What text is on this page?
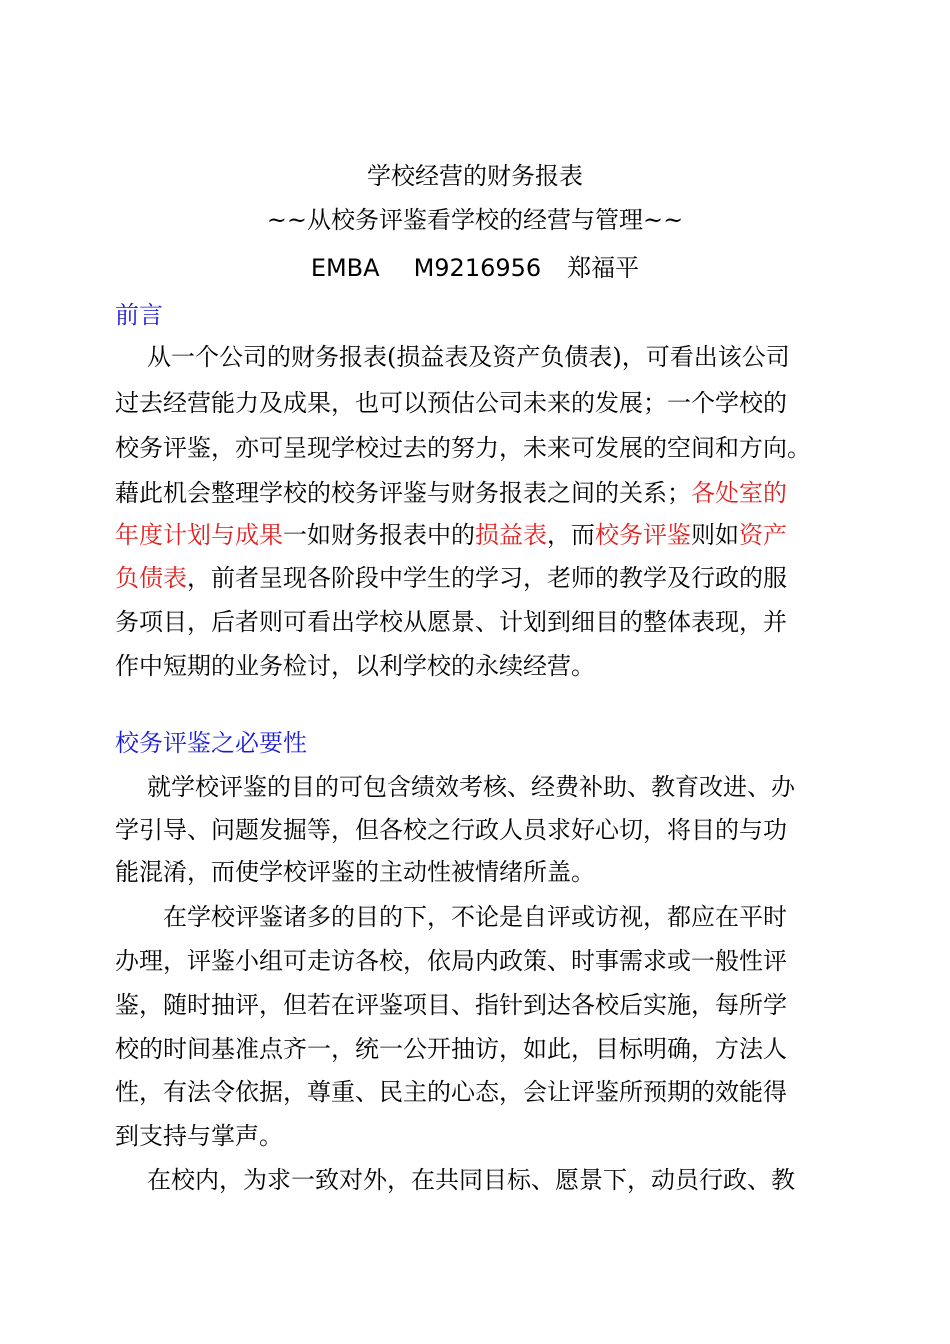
学校经营的财务报表
~~从校务评鉴看学校的经营与管理~~
EMBA M9216956 郑福平
前言
从一个公司的财务报表(损益表及资产负债表)，可看出该公司
过去经营能力及成果，也可以预估公司未来的发展；一个学校的
校务评鉴，亦可呈现学校过去的努力，未来可发展的空间和方向。
藉此机会整理学校的校务评鉴与财务报表之间的关系；各处室的
年度计划与成果一如财务报表中的损益表，而校务评鉴则如资产
负债表，前者呈现各阶段中学生的学习，老师的教学及行政的服
务项目，后者则可看出学校从愿景、计划到细目的整体表现，并
作中短期的业务检讨，以利学校的永续经营。
校务评鉴之必要性
就学校评鉴的目的可包含绩效考核、经费补助、教育改进、办
学引导、问题发掘等，但各校之行政人员求好心切，将目的与功
能混淆，而使学校评鉴的主动性被情绪所盖。
在学校评鉴诸多的目的下，不论是自评或访视，都应在平时
办理，评鉴小组可走访各校，依局内政策、时事需求或一般性评
鉴，随时抽评，但若在评鉴项目、指针到达各校后实施，每所学
校的时间基准点齐一，统一公开抽访，如此，目标明确，方法人
性，有法令依据，尊重、民主的心态，会让评鉴所预期的效能得
到支持与掌声。
在校内，为求一致对外，在共同目标、愿景下，动员行政、教
